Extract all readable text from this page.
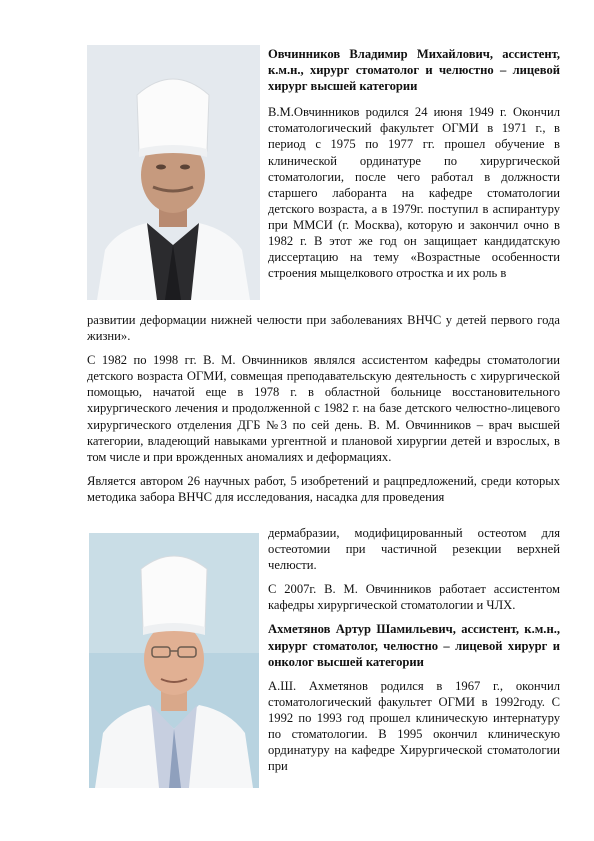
Овчинников Владимир Михайлович, ассистент, к.м.н., хирург стоматолог и челюстно – лицевой хирург высшей категории

В.М.Овчинников родился 24 июня 1949 г. Окончил стоматологический факультет ОГМИ в 1971 г., в период с 1975 по 1977 гг. прошел обучение в клинической ординатуре по хирургической стоматологии, после чего работал в должности старшего лаборанта на кафедре стоматологии детского возраста, а в 1979г. поступил в аспирантуру при ММСИ (г. Москва), которую и закончил очно в 1982 г. В этот же год он защищает кандидатскую диссертацию на тему «Возрастные особенности строения мыщелкового отростка и их роль в

развитии деформации нижней челюсти при заболеваниях ВНЧС у детей первого года жизни».

С 1982 по 1998 гг. В. М. Овчинников являлся ассистентом кафедры стоматологии детского возраста ОГМИ, совмещая преподавательскую деятельность с хирургической помощью, начатой еще в 1978 г. в областной больнице восстановительного хирургического лечения и продолженной с 1982 г. на базе детского челюстно-лицевого хирургического отделения ДГБ №3 по сей день. В. М. Овчинников – врач высшей категории, владеющий навыками ургентной и плановой хирургии детей и взрослых, в том числе и при врожденных аномалиях и деформациях.

Является автором 26 научных работ, 5 изобретений и рацпредложений, среди которых методика забора ВНЧС для исследования, насадка для проведения

дермабразии, модифицированный остеотом для остеотомии при частичной резекции верхней челюсти.

С 2007г. В. М. Овчинников работает ассистентом кафедры хирургической стоматологии и ЧЛХ.

Ахметянов Артур Шамильевич, ассистент, к.м.н., хирург стоматолог, челюстно – лицевой хирург и онколог высшей категории

А.Ш. Ахметянов родился в 1967 г., окончил стоматологический факультет ОГМИ в 1992году. С 1992 по 1993 год прошел клиническую интернатуру по стоматологии. В 1995 окончил клиническую ординатуру на кафедре Хирургической стоматологии при
